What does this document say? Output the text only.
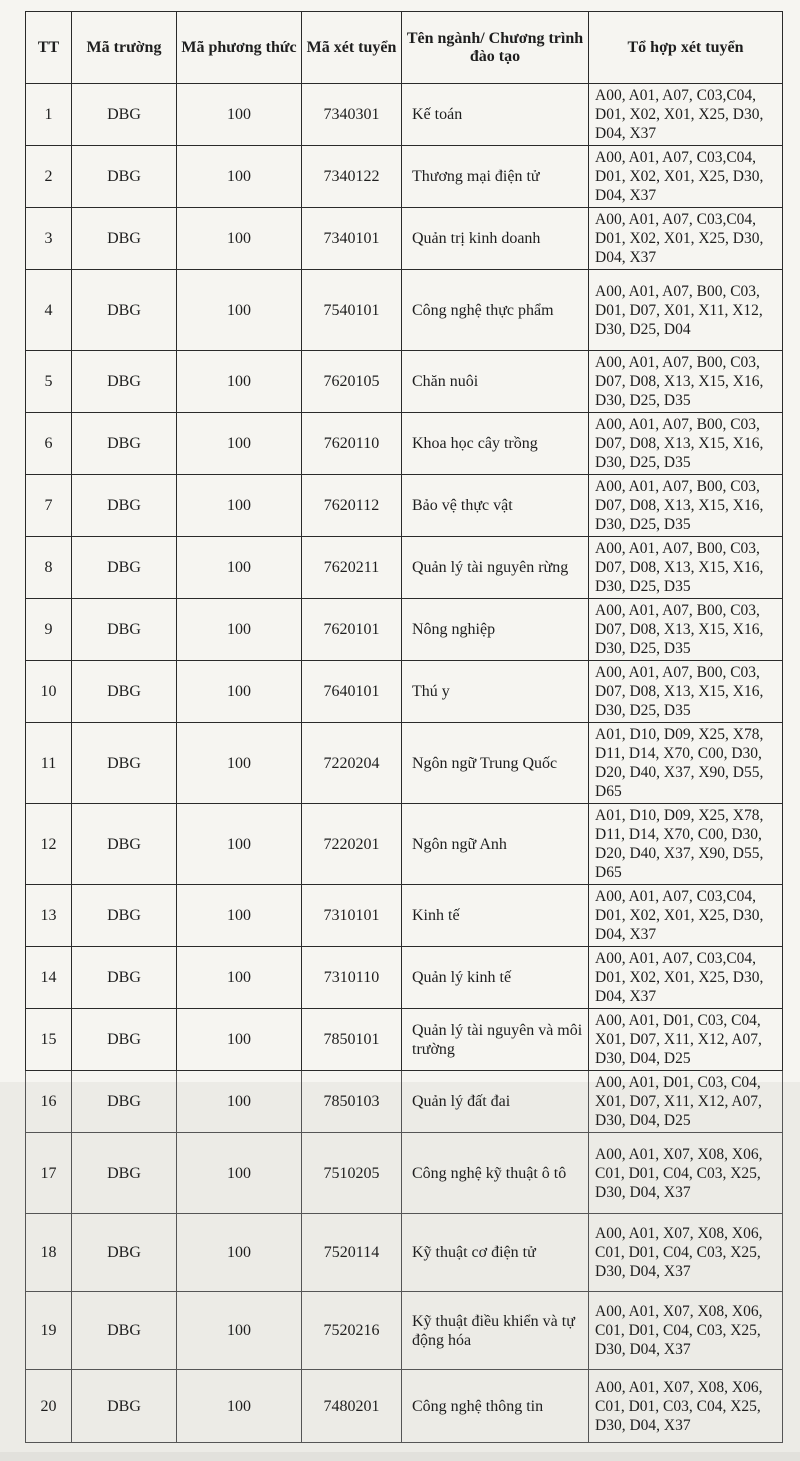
TT	Mã trường	Mã phương thức	Mã xét tuyển	Tên ngành/ Chương trình đào tạo	Tổ hợp xét tuyển
1	DBG	100	7340301	Kế toán	A00, A01, A07, C03,C04, D01, X02, X01, X25, D30, D04, X37
2	DBG	100	7340122	Thương mại điện tử	A00, A01, A07, C03,C04, D01, X02, X01, X25, D30, D04, X37
3	DBG	100	7340101	Quản trị kinh doanh	A00, A01, A07, C03,C04, D01, X02, X01, X25, D30, D04, X37
4	DBG	100	7540101	Công nghệ thực phẩm	A00, A01, A07, B00, C03, D01, D07, X01, X11, X12, D30, D25, D04
5	DBG	100	7620105	Chăn nuôi	A00, A01, A07, B00, C03, D07, D08, X13, X15, X16, D30, D25, D35
6	DBG	100	7620110	Khoa học cây trồng	A00, A01, A07, B00, C03, D07, D08, X13, X15, X16, D30, D25, D35
7	DBG	100	7620112	Bảo vệ thực vật	A00, A01, A07, B00, C03, D07, D08, X13, X15, X16, D30, D25, D35
8	DBG	100	7620211	Quản lý tài nguyên rừng	A00, A01, A07, B00, C03, D07, D08, X13, X15, X16, D30, D25, D35
9	DBG	100	7620101	Nông nghiệp	A00, A01, A07, B00, C03, D07, D08, X13, X15, X16, D30, D25, D35
10	DBG	100	7640101	Thú y	A00, A01, A07, B00, C03, D07, D08, X13, X15, X16, D30, D25, D35
11	DBG	100	7220204	Ngôn ngữ Trung Quốc	A01, D10, D09, X25, X78, D11, D14, X70, C00, D30, D20, D40, X37, X90, D55, D65
12	DBG	100	7220201	Ngôn ngữ Anh	A01, D10, D09, X25, X78, D11, D14, X70, C00, D30, D20, D40, X37, X90, D55, D65
13	DBG	100	7310101	Kinh tế	A00, A01, A07, C03,C04, D01, X02, X01, X25, D30, D04, X37
14	DBG	100	7310110	Quản lý kinh tế	A00, A01, A07, C03,C04, D01, X02, X01, X25, D30, D04, X37
15	DBG	100	7850101	Quản lý tài nguyên và môi trường	A00, A01, D01, C03, C04, X01, D07, X11, X12, A07, D30, D04, D25
16	DBG	100	7850103	Quản lý đất đai	A00, A01, D01, C03, C04, X01, D07, X11, X12, A07, D30, D04, D25
17	DBG	100	7510205	Công nghệ kỹ thuật ô tô	A00, A01, X07, X08, X06, C01, D01, C04, C03, X25, D30, D04, X37
18	DBG	100	7520114	Kỹ thuật cơ điện tử	A00, A01, X07, X08, X06, C01, D01, C04, C03, X25, D30, D04, X37
19	DBG	100	7520216	Kỹ thuật điều khiển và tự động hóa	A00, A01, X07, X08, X06, C01, D01, C04, C03, X25, D30, D04, X37
20	DBG	100	7480201	Công nghệ thông tin	A00, A01, X07, X08, X06, C01, D01, C03, C04, X25, D30, D04, X37
